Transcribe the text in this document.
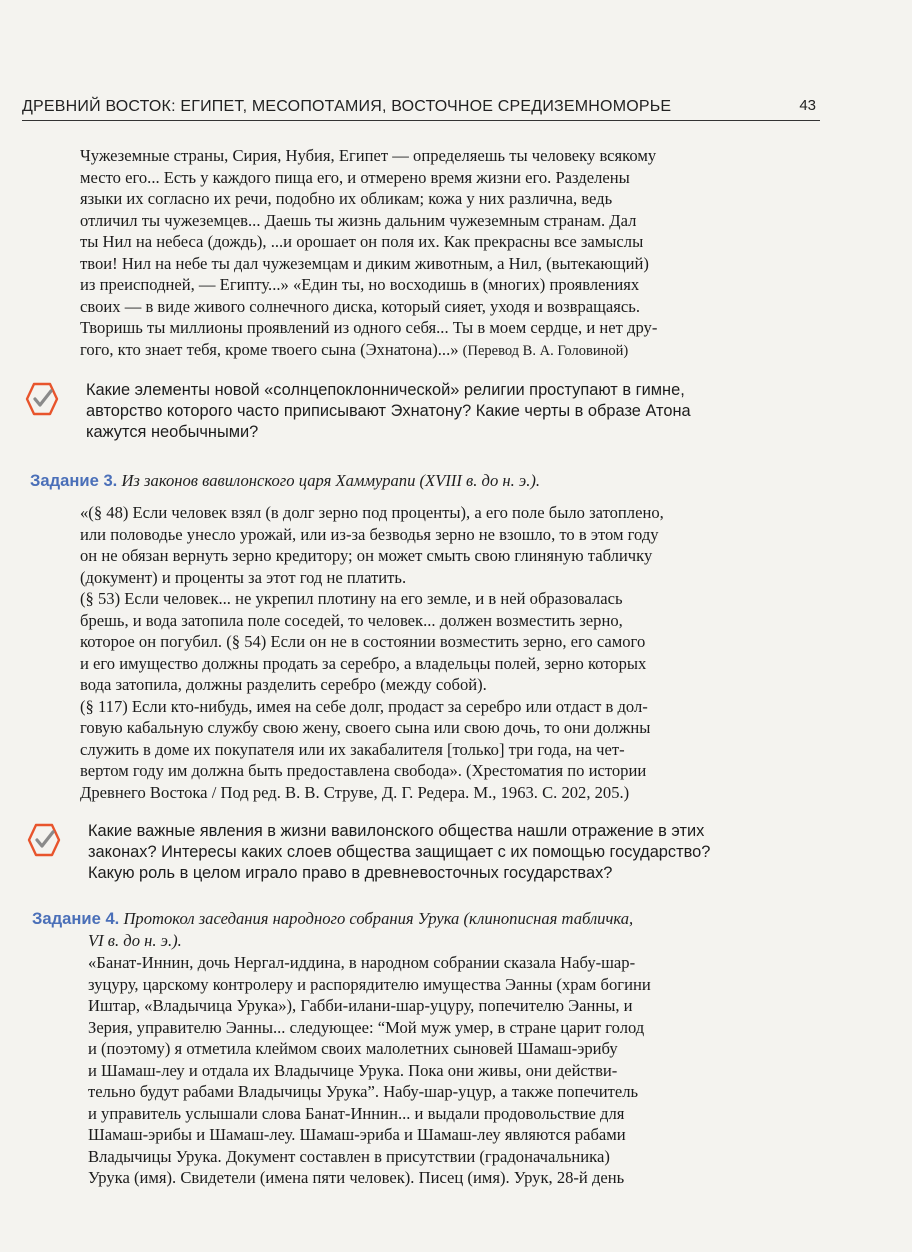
ДРЕВНИЙ ВОСТОК: ЕГИПЕТ, МЕСОПОТАМИЯ, ВОСТОЧНОЕ СРЕДИЗЕМНОМОРЬЕ	43

Чужеземные страны, Сирия, Нубия, Египет — определяешь ты человеку всякому
место его... Есть у каждого пища его, и отмерено время жизни его. Разделены
языки их согласно их речи, подобно их обликам; кожа у них различна, ведь
отличил ты чужеземцев... Даешь ты жизнь дальним чужеземным странам. Дал
ты Нил на небеса (дождь), ...и орошает он поля их. Как прекрасны все замыслы
твои! Нил на небе ты дал чужеземцам и диким животным, а Нил, (вытекающий)
из преисподней, — Египту...» «Един ты, но восходишь в (многих) проявлениях
своих — в виде живого солнечного диска, который сияет, уходя и возвращаясь.
Творишь ты миллионы проявлений из одного себя... Ты в моем сердце, и нет дру-
гого, кто знает тебя, кроме твоего сына (Эхнатона)...» (Перевод В. А. Головиной)

Какие элементы новой «солнцепоклоннической» религии проступают в гимне,
авторство которого часто приписывают Эхнатону? Какие черты в образе Атона
кажутся необычными?
Задание 3. Из законов вавилонского царя Хаммурапи (XVIII в. до н. э.).

«(§ 48) Если человек взял (в долг зерно под проценты), а его поле было затоплено,
или половодье унесло урожай, или из-за безводья зерно не взошло, то в этом году
он не обязан вернуть зерно кредитору; он может смыть свою глиняную табличку
(документ) и проценты за этот год не платить.
(§ 53) Если человек... не укрепил плотину на его земле, и в ней образовалась
брешь, и вода затопила поле соседей, то человек... должен возместить зерно,
которое он погубил. (§ 54) Если он не в состоянии возместить зерно, его самого
и его имущество должны продать за серебро, а владельцы полей, зерно которых
вода затопила, должны разделить серебро (между собой).
(§ 117) Если кто-нибудь, имея на себе долг, продаст за серебро или отдаст в дол-
говую кабальную службу свою жену, своего сына или свою дочь, то они должны
служить в доме их покупателя или их закабалителя [только] три года, на чет-
вертом году им должна быть предоставлена свобода». (Хрестоматия по истории
Древнего Востока / Под ред. В. В. Струве, Д. Г. Редера. М., 1963. С. 202, 205.)

Какие важные явления в жизни вавилонского общества нашли отражение в этих
законах? Интересы каких слоев общества защищает с их помощью государство?
Какую роль в целом играло право в древневосточных государствах?
Задание 4. Протокол заседания народного собрания Урука (клинописная табличка,
VI в. до н. э.).

«Банат-Иннин, дочь Нергал-иддина, в народном собрании сказала Набу-шар-
зуцуру, царскому контролеру и распорядителю имущества Эанны (храм богини
Иштар, «Владычица Урука»), Габби-илани-шар-уцуру, попечителю Эанны, и
Зерия, управителю Эанны... следующее: “Мой муж умер, в стране царит голод
и (поэтому) я отметила клеймом своих малолетних сыновей Шамаш-эрибу
и Шамаш-леу и отдала их Владычице Урука. Пока они живы, они действи-
тельно будут рабами Владычицы Урука”. Набу-шар-уцур, а также попечитель
и управитель услышали слова Банат-Иннин... и выдали продовольствие для
Шамаш-эрибы и Шамаш-леу. Шамаш-эриба и Шамаш-леу являются рабами
Владычицы Урука. Документ составлен в присутствии (градоначальника)
Урука (имя). Свидетели (имена пяти человек). Писец (имя). Урук, 28-й день
